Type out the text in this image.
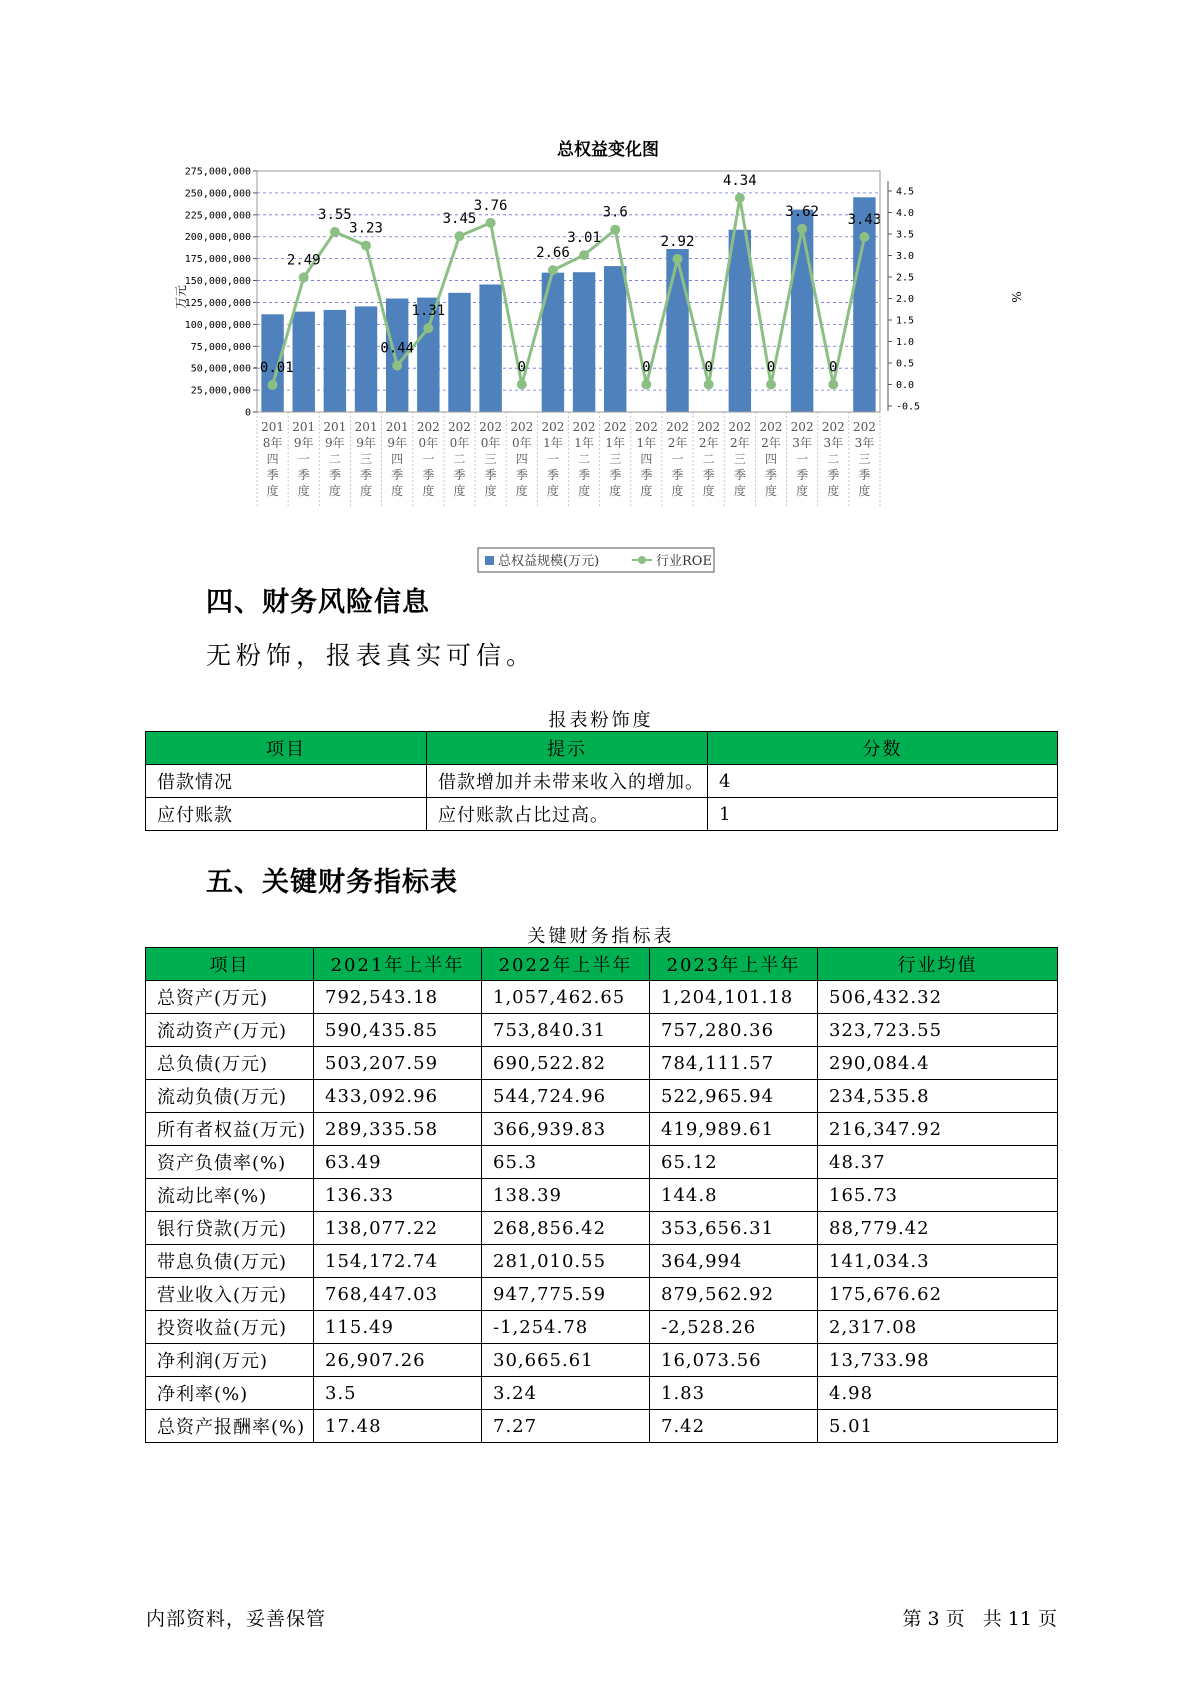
总权益变化图
-0.01
2.49
3.55
3.23
0.44
1.31
3.45
3.76
0
2.66
3.01
3.6
0
2.92
0
4.34
0
3.62
0
3.43
0
25,000,000
50,000,000
75,000,000
100,000,000
125,000,000
150,000,000
175,000,000
200,000,000
225,000,000
250,000,000
275,000,000
-0.5
0.0
0.5
1.0
1.5
2.0
2.5
3.0
3.5
4.0
4.5
201
8年
四
季
度
201
9年
一
季
度
201
9年
二
季
度
201
9年
三
季
度
201
9年
四
季
度
202
0年
一
季
度
202
0年
二
季
度
202
0年
三
季
度
202
0年
四
季
度
202
1年
一
季
度
202
1年
二
季
度
202
1年
三
季
度
202
1年
四
季
度
202
2年
一
季
度
202
2年
二
季
度
202
2年
三
季
度
202
2年
四
季
度
202
3年
一
季
度
202
3年
二
季
度
202
3年
三
季
度
万元	%
总权益规模(万元)	行业ROE
四、财务风险信息

无粉饰，报表真实可信。

报表粉饰度

项目	提示	分数
借款情况	借款增加并未带来收入的增加。	4
应付账款	应付账款占比过高。	1
五、关键财务指标表

关键财务指标表

项目	2021年上半年	2022年上半年	2023年上半年	行业均值
总资产(万元)	792,543.18	1,057,462.65	1,204,101.18	506,432.32
流动资产(万元)	590,435.85	753,840.31	757,280.36	323,723.55
总负债(万元)	503,207.59	690,522.82	784,111.57	290,084.4
流动负债(万元)	433,092.96	544,724.96	522,965.94	234,535.8
所有者权益(万元)	289,335.58	366,939.83	419,989.61	216,347.92
资产负债率(%)	63.49	65.3	65.12	48.37
流动比率(%)	136.33	138.39	144.8	165.73
银行贷款(万元)	138,077.22	268,856.42	353,656.31	88,779.42
带息负债(万元)	154,172.74	281,010.55	364,994	141,034.3
营业收入(万元)	768,447.03	947,775.59	879,562.92	175,676.62
投资收益(万元)	115.49	-1,254.78	-2,528.26	2,317.08
净利润(万元)	26,907.26	30,665.61	16,073.56	13,733.98
净利率(%)	3.5	3.24	1.83	4.98
总资产报酬率(%)	17.48	7.27	7.42	5.01
内部资料，妥善保管	第 3 页   共 11 页
